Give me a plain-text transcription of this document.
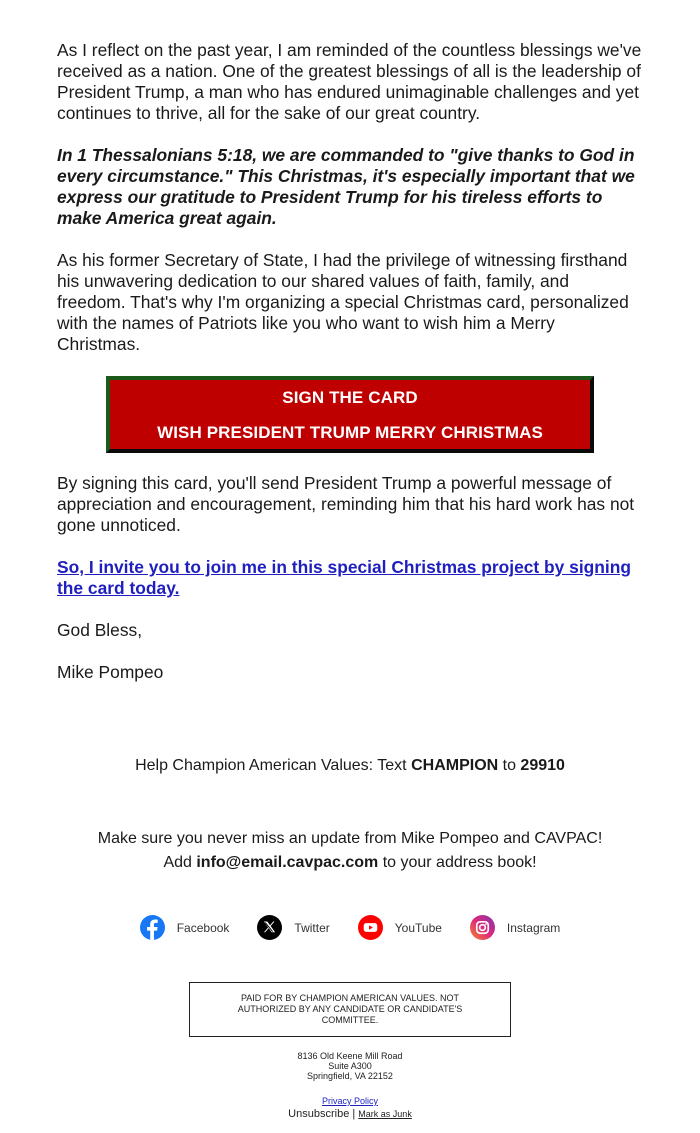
As I reflect on the past year, I am reminded of the countless blessings we've received as a nation. One of the greatest blessings of all is the leadership of President Trump, a man who has endured unimaginable challenges and yet continues to thrive, all for the sake of our great country.

In 1 Thessalonians 5:18, we are commanded to "give thanks to God in every circumstance." This Christmas, it's especially important that we express our gratitude to President Trump for his tireless efforts to make America great again.

As his former Secretary of State, I had the privilege of witnessing firsthand his unwavering dedication to our shared values of faith, family, and freedom. That's why I'm organizing a special Christmas card, personalized with the names of Patriots like you who want to wish him a Merry Christmas.

SIGN THE CARD
WISH PRESIDENT TRUMP MERRY CHRISTMAS

By signing this card, you'll send President Trump a powerful message of appreciation and encouragement, reminding him that his hard work has not gone unnoticed.

So, I invite you to join me in this special Christmas project by signing the card today.

God Bless,

Mike Pompeo

Help Champion American Values: Text CHAMPION to 29910
Make sure you never miss an update from Mike Pompeo and CAVPAC!
Add info@email.cavpac.com to your address book!
Facebook	Twitter	YouTube	Instagram
PAID FOR BY CHAMPION AMERICAN VALUES. NOT AUTHORIZED BY ANY CANDIDATE OR CANDIDATE'S COMMITTEE.
8136 Old Keene Mill Road
Suite A300
Springfield, VA 22152
Privacy Policy
Unsubscribe | Mark as Junk
